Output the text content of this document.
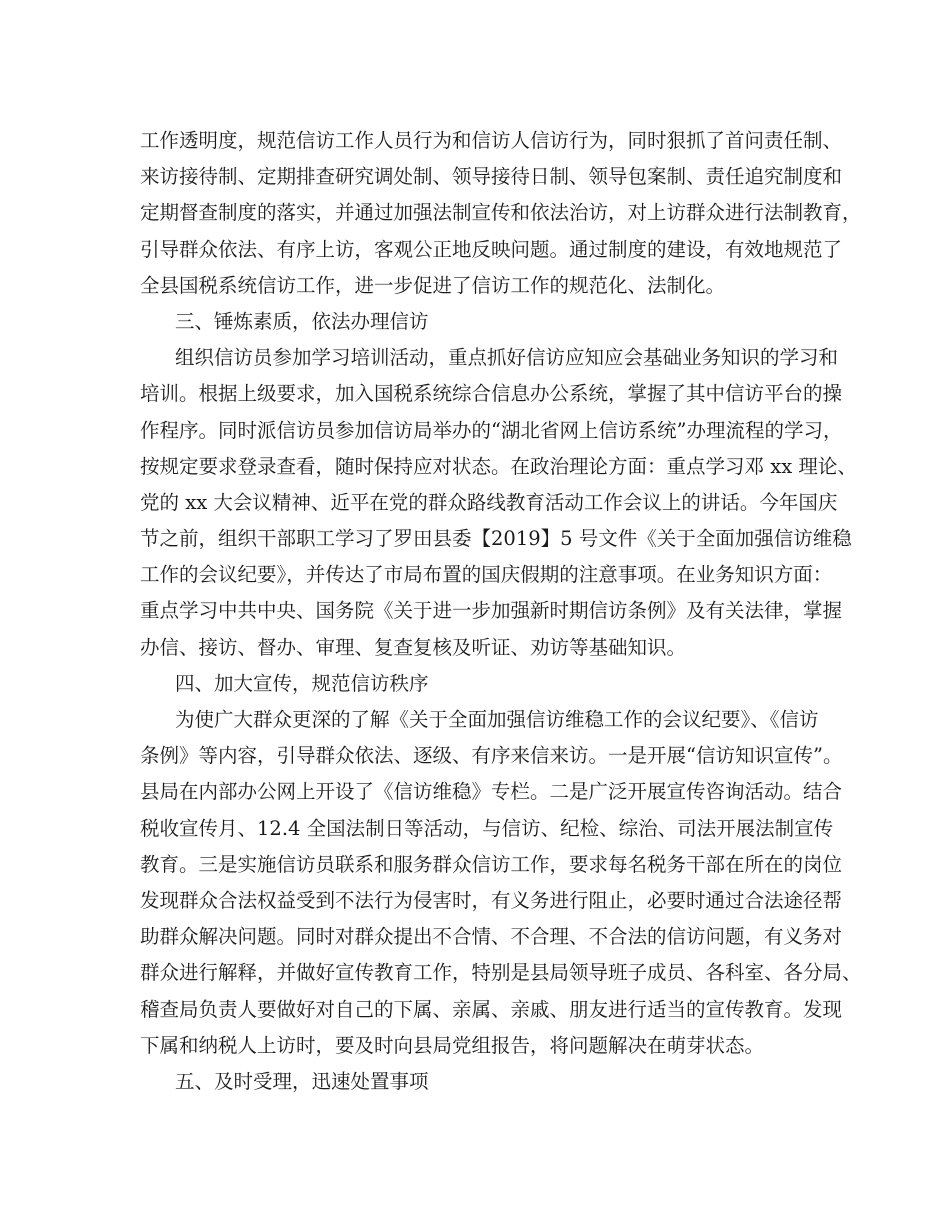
工作透明度，规范信访工作人员行为和信访人信访行为，同时狠抓了首问责任制、
来访接待制、定期排查研究调处制、领导接待日制、领导包案制、责任追究制度和
定期督查制度的落实，并通过加强法制宣传和依法治访，对上访群众进行法制教育，
引导群众依法、有序上访，客观公正地反映问题。通过制度的建设，有效地规范了
全县国税系统信访工作，进一步促进了信访工作的规范化、法制化。
三、锤炼素质，依法办理信访
组织信访员参加学习培训活动，重点抓好信访应知应会基础业务知识的学习和
培训。根据上级要求，加入国税系统综合信息办公系统，掌握了其中信访平台的操
作程序。同时派信访员参加信访局举办的“湖北省网上信访系统”办理流程的学习，
按规定要求登录查看，随时保持应对状态。在政治理论方面：重点学习邓 xx 理论、
党的 xx 大会议精神、近平在党的群众路线教育活动工作会议上的讲话。今年国庆
节之前，组织干部职工学习了罗田县委【2019】5 号文件《关于全面加强信访维稳
工作的会议纪要》，并传达了市局布置的国庆假期的注意事项。在业务知识方面：
重点学习中共中央、国务院《关于进一步加强新时期信访条例》及有关法律，掌握
办信、接访、督办、审理、复查复核及听证、劝访等基础知识。
四、加大宣传，规范信访秩序
为使广大群众更深的了解《关于全面加强信访维稳工作的会议纪要》、《信访
条例》等内容，引导群众依法、逐级、有序来信来访。一是开展“信访知识宣传”。
县局在内部办公网上开设了《信访维稳》专栏。二是广泛开展宣传咨询活动。结合
税收宣传月、12.4 全国法制日等活动，与信访、纪检、综治、司法开展法制宣传
教育。三是实施信访员联系和服务群众信访工作，要求每名税务干部在所在的岗位
发现群众合法权益受到不法行为侵害时，有义务进行阻止，必要时通过合法途径帮
助群众解决问题。同时对群众提出不合情、不合理、不合法的信访问题，有义务对
群众进行解释，并做好宣传教育工作，特别是县局领导班子成员、各科室、各分局、
稽查局负责人要做好对自己的下属、亲属、亲戚、朋友进行适当的宣传教育。发现
下属和纳税人上访时，要及时向县局党组报告，将问题解决在萌芽状态。
五、及时受理，迅速处置事项
